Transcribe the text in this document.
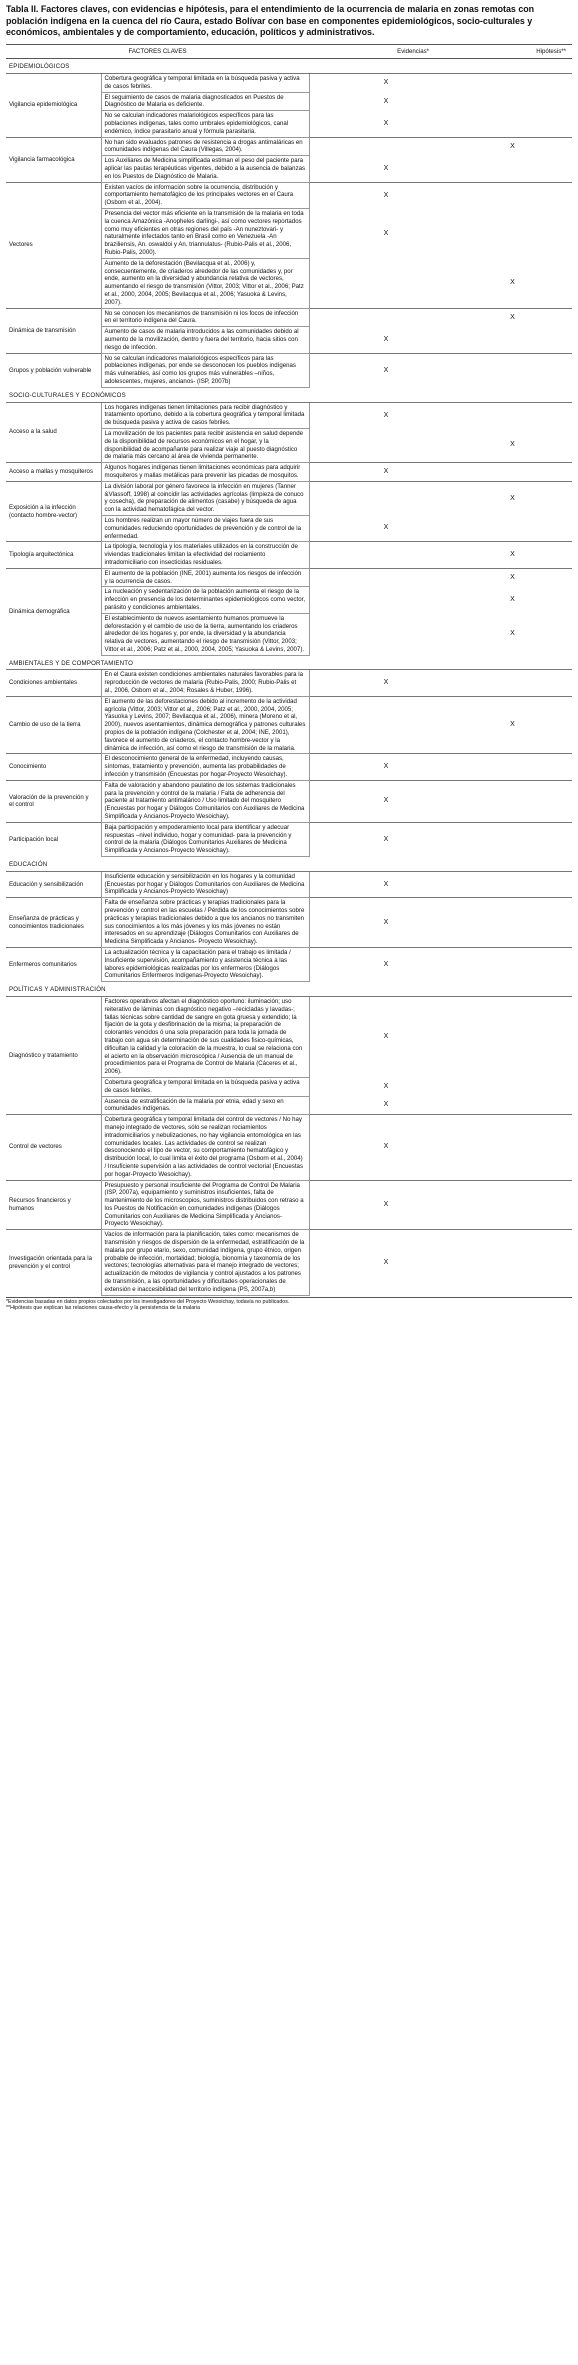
Tabla II. Factores claves, con evidencias e hipótesis, para el entendimiento de la ocurrencia de malaria en zonas remotas con población indígena en la cuenca del río Caura, estado Bolívar con base en componentes epidemiológicos, socio-culturales y económicos, ambientales y de comportamiento, educación, políticos y administrativos.
FACTORES CLAVES			Evidencias*	Hipótesis**
EPIDEMIOLÓGICOS				
Vigilancia epidemiológica	Cobertura geográfica y temporal limitada en la búsqueda pasiva y activa de casos febriles.		X	
	El seguimiento de casos de malaria diagnosticados en Puestos de Diagnóstico de Malaria es deficiente.		X	
	No se calculan indicadores malariológicos específicos para las poblaciones indígenas, tales como umbrales epidemiológicos, canal endémico, índice parasitario anual y fórmula parasitaria.		X	
Vigilancia farmacológica	No han sido evaluados patrones de resistencia a drogas antimaláricas en comunidades indígenas del Caura (Villegas, 2004).			X
	Los Auxiliares de Medicina simplificada estiman el peso del paciente para aplicar las pautas terapéuticas vigentes, debido a la ausencia de balanzas en los Puestos de Diagnóstico de Malaria.		X	
Vectores	Existen vacíos de información sobre la ocurrencia, distribución y comportamiento hematofágico de los principales vectores en el Caura (Osborn et al., 2004).		X	
	Presencia del vector más eficiente en la transmisión de la malaria en toda la cuenca Amazónica -Anopheles darlingi-, así como vectores reportados como muy eficientes en otras regiones del país -An nuneztovari- y naturalmente infectados tanto en Brasil como en Venezuela -An braziliensis, An. oswaldoi y An. triannulatus- (Rubio-Palis et al., 2006, Rubio-Palis, 2000).		X	
	Aumento de la deforestación (Bevilacqua et al., 2006) y, consecuentemente, de criaderos alrededor de las comunidades y, por ende, aumento en la diversidad y abundancia relativa de vectores, aumentando el riesgo de transmisión (Vittor, 2003; Vittor et al., 2006; Patz et al., 2000, 2004, 2005; Bevilacqua et al., 2006; Yasuoka & Levins, 2007).			X
Dinámica de transmisión	No se conocen los mecanismos de transmisión ni los focos de infección en el territorio indígena del Caura.			X
	Aumento de casos de malaria introducidos a las comunidades debido al aumento de la movilización, dentro y fuera del territorio, hacia sitios con riesgo de infección.		X	
Grupos y población vulnerable	No se calculan indicadores malariológicos específicos para las poblaciones indígenas, por ende se desconocen los pueblos indígenas más vulnerables, así como los grupos más vulnerables –niños, adolescentes, mujeres, ancianos- (ISP, 2007b)		X	
SOCIO-CULTURALES Y ECONÓMICOS				
Acceso a la salud	Los hogares indígenas tienen limitaciones para recibir diagnóstico y tratamiento oportuno, debido a la cobertura geográfica y temporal limitada de búsqueda pasiva y activa de casos febriles.		X	
	La movilización de los pacientes para recibir asistencia en salud depende de la disponibilidad de recursos económicos en el hogar, y la disponibilidad de acompañante para realizar viaje al puesto diagnóstico de malaria más cercano al área de vivienda permanente.			X
Acceso a mallas y mosquiteros	Algunos hogares indígenas tienen limitaciones económicas para adquirir mosquiteros y mallas metálicas para prevenir las picadas de mosquitos.		X	
Exposición a la infección (contacto hombre-vector)	La división laboral por género favorece la infección en mujeres (Tanner &Vlassoff, 1998) al coincidir las actividades agrícolas (limpieza de conuco y cosecha), de preparación de alimentos (casabe) y búsqueda de agua con la actividad hematofágica del vector.			X
	Los hombres realizan un mayor número de viajes fuera de sus comunidades reduciendo oportunidades de prevención y de control de la enfermedad.		X	
Tipología arquitectónica	La tipología, tecnología y los materiales utilizados en la construcción de viviendas tradicionales limitan la efectividad del rociamiento intradomiciliario con insecticidas residuales.			X
Dinámica demográfica	El aumento de la población (INE, 2001) aumenta los riesgos de infección y la ocurrencia de casos.			X
	La nucleación y sedentarización de la población aumenta el riesgo de la infección en presencia de los determinantes epidemiológicos como vector, parásito y condiciones ambientales.			X
	El establecimiento de nuevos asentamiento humanos promueve la deforestación y el cambio de uso de la tierra, aumentando los criaderos alrededor de los hogares y, por ende, la diversidad y la abundancia relativa de vectores, aumentando el riesgo de transmisión (Vittor, 2003; Vittor et al., 2006; Patz et al., 2000, 2004, 2005; Yasuoka & Levins, 2007).			X
AMBIENTALES Y DE COMPORTAMIENTO				
Condiciones ambientales	En el Caura existen condiciones ambientales naturales favorables para la reproducción de vectores de malaria (Rubio-Palis, 2000; Rubio-Palis et al., 2006, Osborn et al., 2004; Rosales & Huber, 1996).		X	
Cambio de uso de la tierra	El aumento de las deforestaciones debido al incremento de la actividad agrícola (Vittor, 2003; Vittor et al., 2006; Patz et al., 2000, 2004, 2005; Yasuoka y Levins, 2007; Bevilacqua et al., 2006), minera (Moreno et al, 2000), nuevos asentamientos, dinámica demográfica y patrones culturales propios de la población indígena (Colchester et al, 2004; INE, 2001), favorece el aumento de criaderos, el contacto hombre-vector y la dinámica de infección, así como el riesgo de transmisión de la malaria.			X
Conocimiento	El desconocimiento general de la enfermedad, incluyendo causas, síntomas, tratamiento y prevención, aumenta las probabilidades de infección y transmisión (Encuestas por hogar-Proyecto Wesoichay).		X	
Valoración de la prevención y el control	Falta de valoración y abandono paulatino de los sistemas tradicionales para la prevención y control de la malaria / Falta de adherencia del paciente al tratamiento antimalárico / Uso limitado del mosquitero (Encuestas por hogar y Diálogos Comunitarios con Auxiliares de Medicina Simplificada y Ancianos-Proyecto Wesoichay).		X	
Participación local	Baja participación y empoderamiento local para identificar y adecuar respuestas –nivel individuo, hogar y comunidad- para la prevención y control de la malaria (Diálogos Comunitarios Auxiliares de Medicina Simplificada y Ancianos-Proyecto Wesoichay).		X	
EDUCACIÓN				
Educación y sensibilización	Insuficiente educación y sensibilización en los hogares y la comunidad (Encuestas por hogar y Diálogos Comunitarios con Auxiliares de Medicina Simplificada y Ancianos-Proyecto Wesoichay)		X	
Enseñanza de prácticas y conocimientos tradicionales	Falta de enseñanza sobre prácticas y terapias tradicionales para la prevención y control en las escuelas / Pérdida de los conocimientos sobre prácticas y terapias tradicionales debido a que los ancianos no transmiten sus conocimientos a los más jóvenes y los más jóvenes no están interesados en su aprendizaje (Diálogos Comunitarios con Auxiliares de Medicina Simplificada y Ancianos- Proyecto Wesoichay).		X	
Enfermeros comunitarios	La actualización técnica y la capacitación para el trabajo es limitada / Insuficiente supervisión, acompañamiento y asistencia técnica a las labores epidemiológicas realizadas por los enfermeros (Diálogos Comunitarios Enfermeros Indígenas-Proyecto Wesoichay).		X	
POLÍTICAS Y ADMINISTRACIÓN				
Diagnóstico y tratamiento	Factores operativos afectan el diagnóstico oportuno: iluminación; uso reiterativo de láminas con diagnóstico negativo –recicladas y lavadas-; fallas técnicas sobre cantidad de sangre en gota gruesa y extendido; la fijación de la gota y desfibrinación de la misma; la preparación de colorantes vencidos ó una sola preparación para toda la jornada de trabajo con agua sin determinación de sus cualidades fisico-químicas, dificultan la calidad y la coloración de la muestra, lo cual se relaciona con el acierto en la observación microscópica / Ausencia de un manual de procedimientos para el Programa de Control de Malaria (Cáceres et al., 2006).		X	
	Cobertura geográfica y temporal limitada en la búsqueda pasiva y activa de casos febriles.		X	
	Ausencia de estratificación de la malaria por etnia, edad y sexo en comunidades indígenas.		X	
Control de vectores	Cobertura geográfica y temporal limitada del control de vectores / No hay manejo integrado de vectores, sólo se realizan rociamientos intradomiciliarios y nebulizaciones, no hay vigilancia entomológica en las comunidades locales. Las actividades de control se realizan desconociendo el tipo de vector, su comportamiento hematofágico y distribución local, lo cual limita el éxito del programa (Osborn et al., 2004) / Insuficiente supervisión a las actividades de control vectorial (Encuestas por hogar-Proyecto Wesoichay).		X	
Recursos financieros y humanos	Presupuesto y personal insuficiente del Programa de Control De Malaria (ISP, 2007a), equipamiento y suministros insuficientes, falta de mantenimiento de los microscopios, suministros distribuidos con retraso a los Puestos de Notificación en comunidades indígenas (Diálogos Comunitarios con Auxiliares de Medicina Simplificada y Ancianos-Proyecto Wesoichay).		X	
Investigación orientada para la prevención y el control	Vacíos de información para la planificación, tales como: mecanismos de transmisión y riesgos de dispersión de la enfermedad, estratificación de la malaria por grupo etario, sexo, comunidad indígena, grupo étnico, origen probable de infección, mortalidad; biología, bionomía y taxonomía de los vectores; tecnologías alternativas para el manejo integrado de vectores; actualización de métodos de vigilancia y control ajustados a los patrones de transmisión, a las oportunidades y dificultades operacionales de extensión e inaccesibilidad del territorio indígena (PS, 2007a,b)		X	
*Evidencias basadas en datos propios colectados por los investigadores del Proyecto Wesoichay, todavía no publicados.
**Hipótesis que explican las relaciones causa-efecto y la persistencia de la malaria
